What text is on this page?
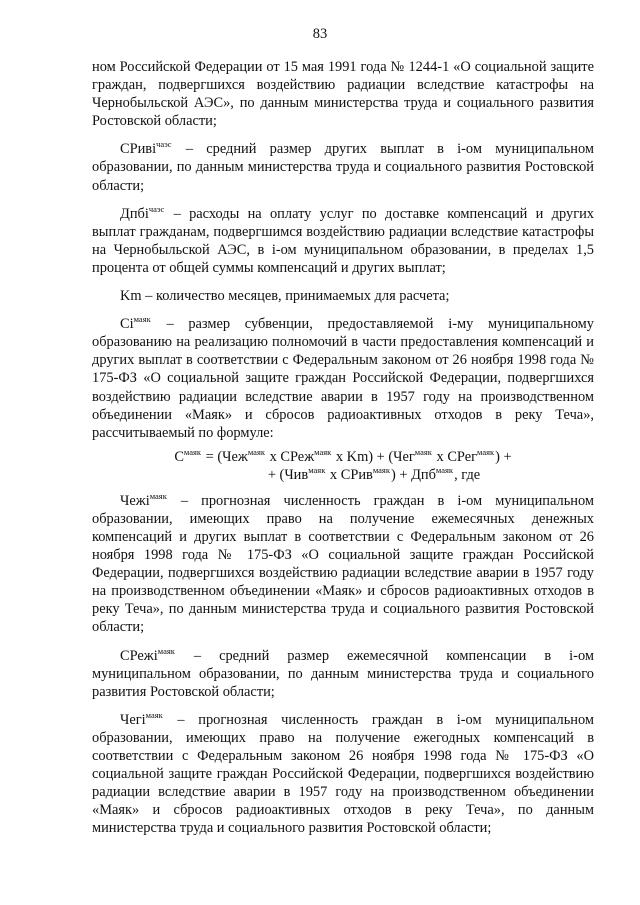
83

ном Российской Федерации от 15 мая 1991 года № 1244-1 «О социальной защите граждан, подвергшихся воздействию радиации вследствие катастрофы на Чернобыльской АЭС», по данным министерства труда и социального развития Ростовской области;

СРивi$^{чаэс}$ – средний размер других выплат в i-ом муниципальном образовании, по данным министерства труда и социального развития Ростовской области;

Дпбi$^{чаэс}$ – расходы на оплату услуг по доставке компенсаций и других выплат гражданам, подвергшимся воздействию радиации вследствие катастрофы на Чернобыльской АЭС, в i-ом муниципальном образовании, в пределах 1,5 процента от общей суммы компенсаций и других выплат;

Km – количество месяцев, принимаемых для расчета;

$Сi^{маяк}$ – размер субвенции, предоставляемой i-му муниципальному образованию на реализацию полномочий в части предоставления компенсаций и других выплат в соответствии с Федеральным законом от 26 ноября 1998 года № 175-ФЗ «О социальной защите граждан Российской Федерации, подвергшихся воздействию радиации вследствие аварии в 1957 году на производственном объединении «Маяк» и сбросов радиоактивных отходов в реку Теча», рассчитываемый по формуле:

$С^{маяк} = (Чеж^{маяк}$ х СРеж$^{маяк}$ х Km) + (Чег$^{маяк}$ х СРег$^{маяк}$) +
+ (Чив$^{маяк}$ х СРив$^{маяк}$) + Дпб$^{маяк}$, где

Чежi$^{маяк}$ – прогнозная численность граждан в i-ом муниципальном образовании, имеющих право на получение ежемесячных денежных компенсаций и других выплат в соответствии с Федеральным законом от 26 ноября 1998 года № 175-ФЗ «О социальной защите граждан Российской Федерации, подвергшихся воздействию радиации вследствие аварии в 1957 году на производственном объединении «Маяк» и сбросов радиоактивных отходов в реку Теча», по данным министерства труда и социального развития Ростовской области;

СРежi$^{маяк}$ – средний размер ежемесячной компенсации в i-ом муниципальном образовании, по данным министерства труда и социального развития Ростовской области;

Чегi$^{маяк}$ – прогнозная численность граждан в i-ом муниципальном образовании, имеющих право на получение ежегодных компенсаций в соответствии с Федеральным законом 26 ноября 1998 года № 175-ФЗ «О социальной защите граждан Российской Федерации, подвергшихся воздействию радиации вследствие аварии в 1957 году на производственном объединении «Маяк» и сбросов радиоактивных отходов в реку Теча», по данным министерства труда и социального развития Ростовской области;
